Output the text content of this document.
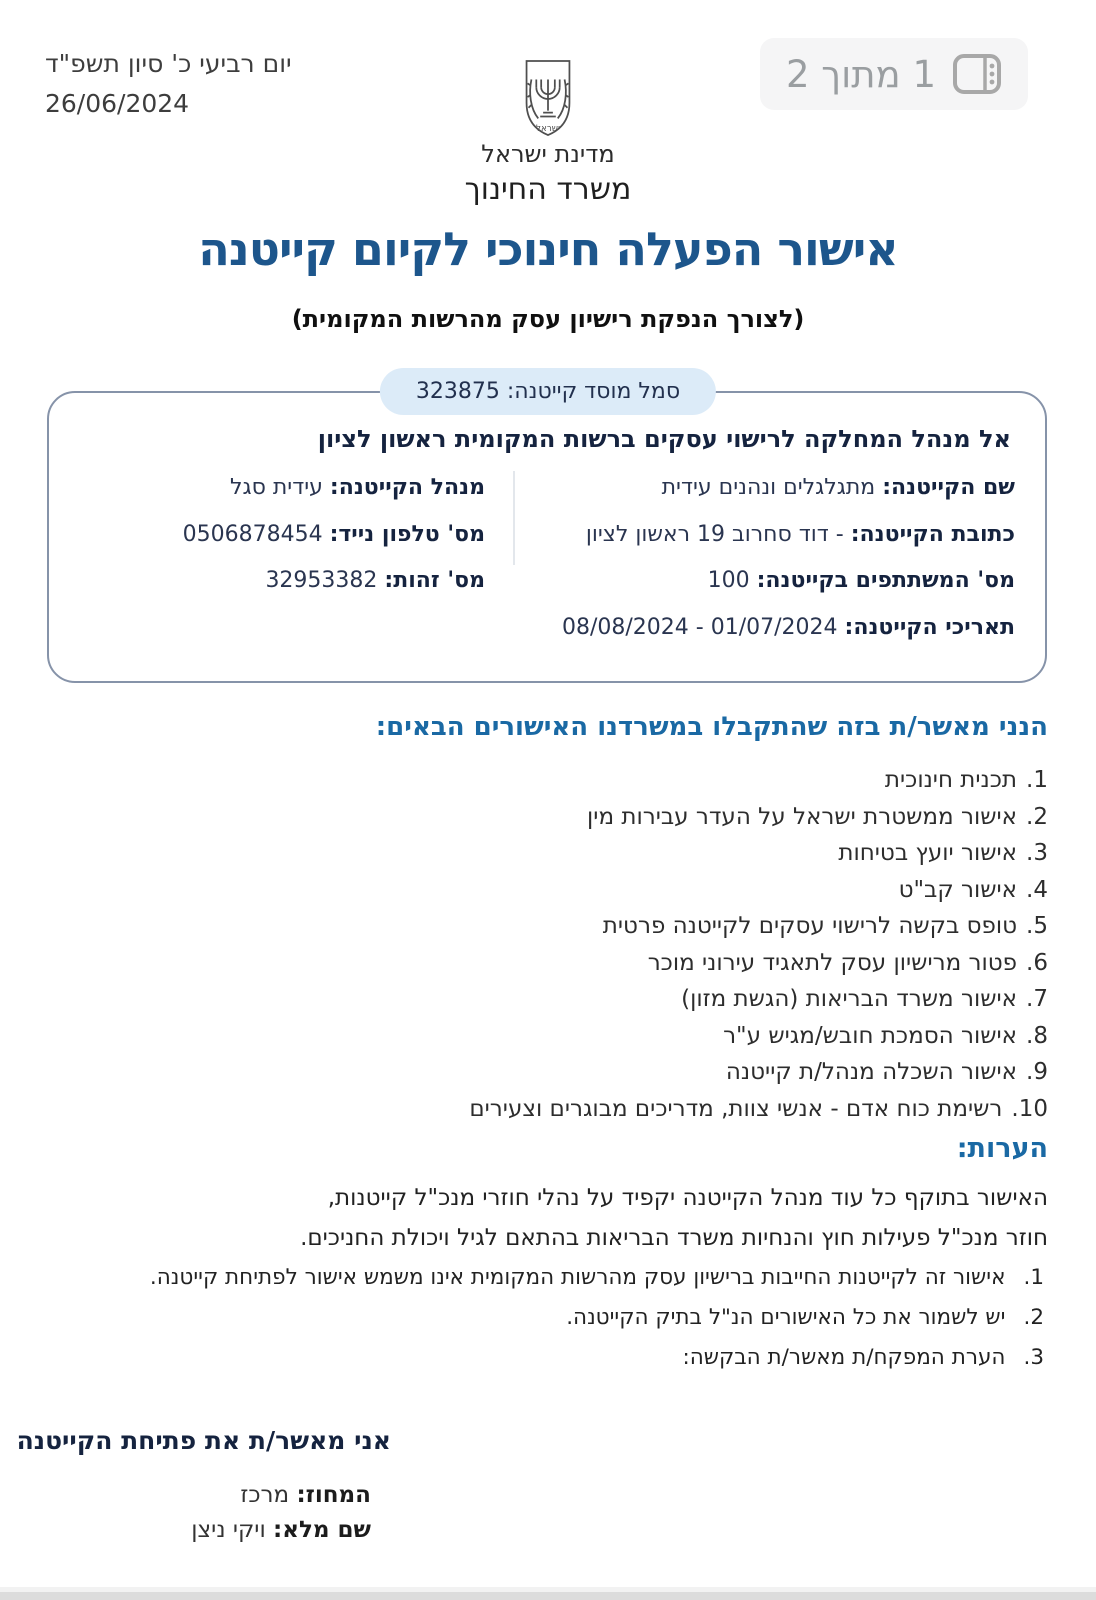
יום רביעי כ' סיון תשפ"ד
26/06/2024
1 מתוך 2
ישראל
מדינת ישראל
משרד החינוך
אישור הפעלה חינוכי לקיום קייטנה
(לצורך הנפקת רישיון עסק מהרשות המקומית)
סמל מוסד קייטנה: 323875
אל מנהל המחלקה לרישוי עסקים ברשות המקומית ראשון לציון
שם הקייטנה: מתגלגלים ונהנים עידית
כתובת הקייטנה: - דוד סחרוב 19 ראשון לציון
מס' המשתתפים בקייטנה: 100
תאריכי הקייטנה: 01/07/2024 - 08/08/2024
מנהל הקייטנה: עידית סגל
מס' טלפון נייד: 0506878454
מס' זהות: 32953382
הנני מאשר/ת בזה שהתקבלו במשרדנו האישורים הבאים:
1.תכנית חינוכית
2.אישור ממשטרת ישראל על העדר עבירות מין
3.אישור יועץ בטיחות
4.אישור קב"ט
5.טופס בקשה לרישוי עסקים לקייטנה פרטית
6.פטור מרישיון עסק לתאגיד עירוני מוכר
7.אישור משרד הבריאות (הגשת מזון)
8.אישור הסמכת חובש/מגיש ע"ר
9.אישור השכלה מנהל/ת קייטנה
10.רשימת כוח אדם - אנשי צוות, מדריכים מבוגרים וצעירים
הערות:
האישור בתוקף כל עוד מנהל הקייטנה יקפיד על נהלי חוזרי מנכ"ל קייטנות,
חוזר מנכ"ל פעילות חוץ והנחיות משרד הבריאות בהתאם לגיל ויכולת החניכים.
1.אישור זה לקייטנות החייבות ברישיון עסק מהרשות המקומית אינו משמש אישור לפתיחת קייטנה.
2.יש לשמור את כל האישורים הנ"ל בתיק הקייטנה.
3.הערת המפקח/ת מאשר/ת הבקשה:
אני מאשר/ת את פתיחת הקייטנה
המחוז: מרכז
שם מלא: ויקי ניצן
